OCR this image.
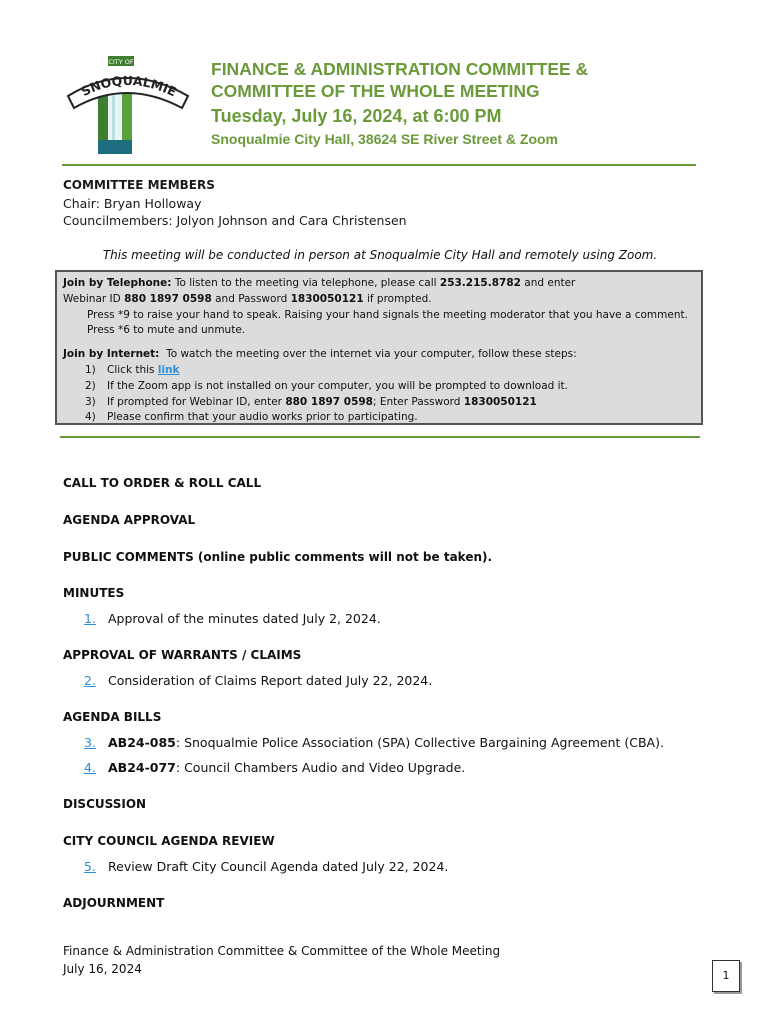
CITY OF
SNOQUALMIE
FINANCE & ADMINISTRATION COMMITTEE &
COMMITTEE OF THE WHOLE MEETING
Tuesday, July 16, 2024, at 6:00 PM
Snoqualmie City Hall, 38624 SE River Street & Zoom
COMMITTEE MEMBERS
Chair: Bryan Holloway
Councilmembers: Jolyon Johnson and Cara Christensen
This meeting will be conducted in person at Snoqualmie City Hall and remotely using Zoom.
Join by Telephone: To listen to the meeting via telephone, please call 253.215.8782 and enter
Webinar ID 880 1897 0598 and Password 1830050121 if prompted.
Press *9 to raise your hand to speak. Raising your hand signals the meeting moderator that you have a comment.
Press *6 to mute and unmute.
Join by Internet:  To watch the meeting over the internet via your computer, follow these steps:
1) Click this link
2) If the Zoom app is not installed on your computer, you will be prompted to download it.
3) If prompted for Webinar ID, enter 880 1897 0598; Enter Password 1830050121
4) Please confirm that your audio works prior to participating.
CALL TO ORDER & ROLL CALL
AGENDA APPROVAL
PUBLIC COMMENTS (online public comments will not be taken).
MINUTES
1. Approval of the minutes dated July 2, 2024.
APPROVAL OF WARRANTS / CLAIMS
2. Consideration of Claims Report dated July 22, 2024.
AGENDA BILLS
3. AB24-085: Snoqualmie Police Association (SPA) Collective Bargaining Agreement (CBA).
4. AB24-077: Council Chambers Audio and Video Upgrade.
DISCUSSION
CITY COUNCIL AGENDA REVIEW
5. Review Draft City Council Agenda dated July 22, 2024.
ADJOURNMENT
Finance & Administration Committee & Committee of the Whole Meeting
July 16, 2024	1
